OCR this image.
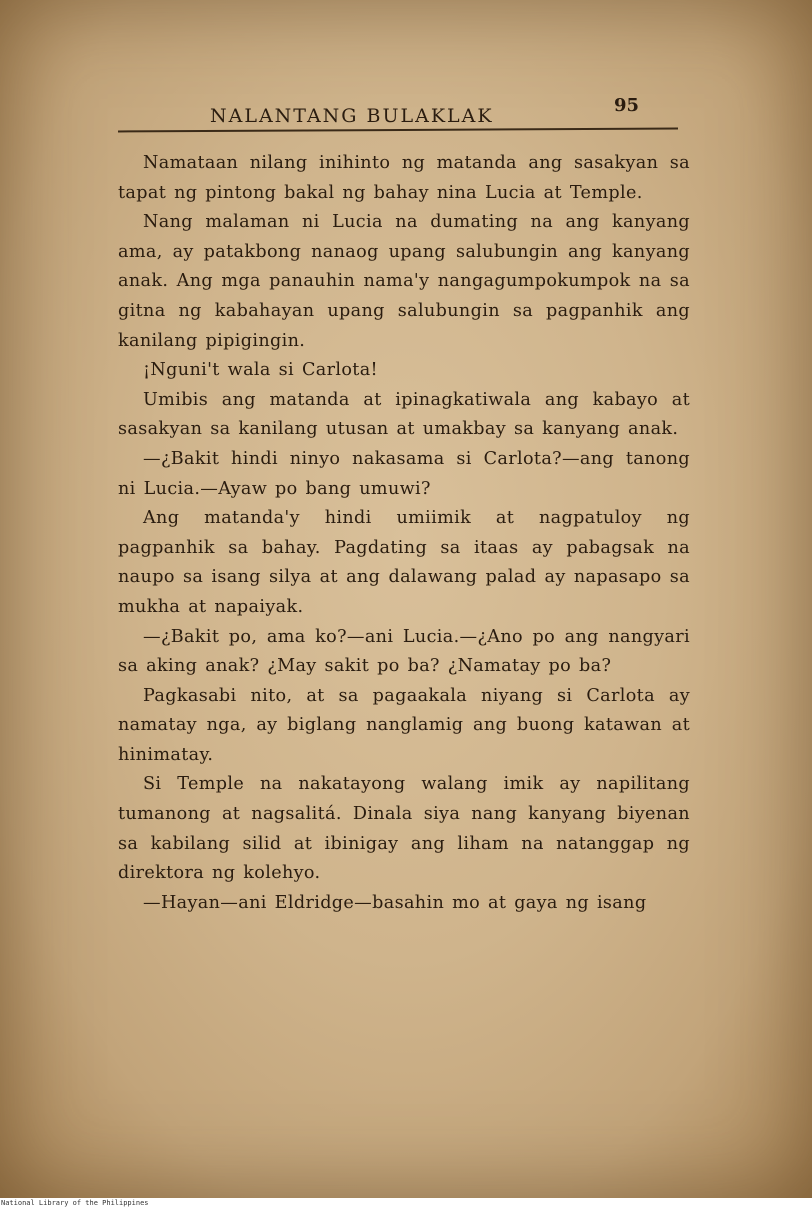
NALANTANG BULAKLAK	95

Namataan nilang inihinto ng matanda ang sasakyan sa tapat ng pintong bakal ng bahay nina Lucia at Temple.

Nang malaman ni Lucia na dumating na ang kanyang ama, ay patakbong nanaog upang salubungin ang kanyang anak. Ang mga panauhin nama'y nangagumpokumpok na sa gitna ng kabahayan upang salubungin sa pagpanhik ang kanilang pipigingin.

¡Nguni't wala si Carlota!

Umibis ang matanda at ipinagkatiwala ang kabayo at sasakyan sa kanilang utusan at umakbay sa kanyang anak.

—¿Bakit hindi ninyo nakasama si Carlota?—ang tanong ni Lucia.—Ayaw po bang umuwi?

Ang matanda'y hindi umiimik at nagpatuloy ng pagpanhik sa bahay. Pagdating sa itaas ay pabagsak na naupo sa isang silya at ang dalawang palad ay napasapo sa mukha at napaiyak.

—¿Bakit po, ama ko?—ani Lucia.—¿Ano po ang nangyari sa aking anak? ¿May sakit po ba? ¿Namatay po ba?

Pagkasabi nito, at sa pagaakala niyang si Carlota ay namatay nga, ay biglang nanglamig ang buong katawan at hinimatay.

Si Temple na nakatayong walang imik ay napilitang tumanong at nagsalitá. Dinala siya nang kanyang biyenan sa kabilang silid at ibinigay ang liham na natanggap ng direktora ng kolehyo.

—Hayan—ani Eldridge—basahin mo at gaya ng isang

National Library of the Philippines
